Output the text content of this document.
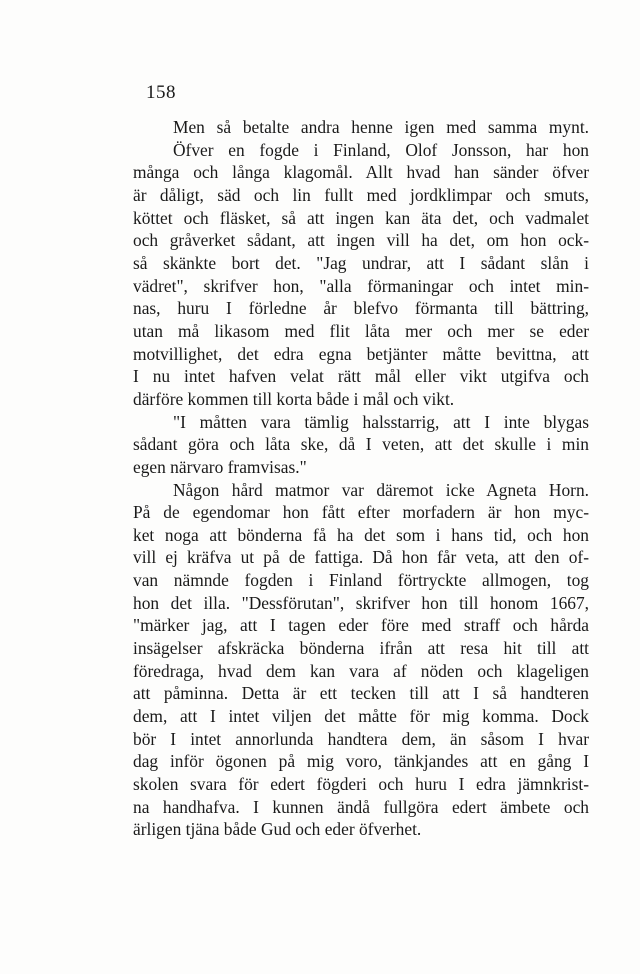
158
Men så betalte andra henne igen med samma mynt.
Öfver en fogde i Finland, Olof Jonsson, har hon
många och långa klagomål. Allt hvad han sänder öfver
är dåligt, säd och lin fullt med jordklimpar och smuts,
köttet och fläsket, så att ingen kan äta det, och vadmalet
och gråverket sådant, att ingen vill ha det, om hon ock-
så skänkte bort det. "Jag undrar, att I sådant slån i
vädret", skrifver hon, "alla förmaningar och intet min-
nas, huru I förledne år blefvo förmanta till bättring,
utan må likasom med flit låta mer och mer se eder
motvillighet, det edra egna betjänter måtte bevittna, att
I nu intet hafven velat rätt mål eller vikt utgifva och
därföre kommen till korta både i mål och vikt.
"I måtten vara tämlig halsstarrig, att I inte blygas
sådant göra och låta ske, då I veten, att det skulle i min
egen närvaro framvisas."
Någon hård matmor var däremot icke Agneta Horn.
På de egendomar hon fått efter morfadern är hon myc-
ket noga att bönderna få ha det som i hans tid, och hon
vill ej kräfva ut på de fattiga. Då hon får veta, att den of-
van nämnde fogden i Finland förtryckte allmogen, tog
hon det illa. "Dessförutan", skrifver hon till honom 1667,
"märker jag, att I tagen eder före med straff och hårda
insägelser afskräcka bönderna ifrån att resa hit till att
föredraga, hvad dem kan vara af nöden och klageligen
att påminna. Detta är ett tecken till att I så handteren
dem, att I intet viljen det måtte för mig komma. Dock
bör I intet annorlunda handtera dem, än såsom I hvar
dag inför ögonen på mig voro, tänkjandes att en gång I
skolen svara för edert fögderi och huru I edra jämnkrist-
na handhafva. I kunnen ändå fullgöra edert ämbete och
ärligen tjäna både Gud och eder öfverhet.
